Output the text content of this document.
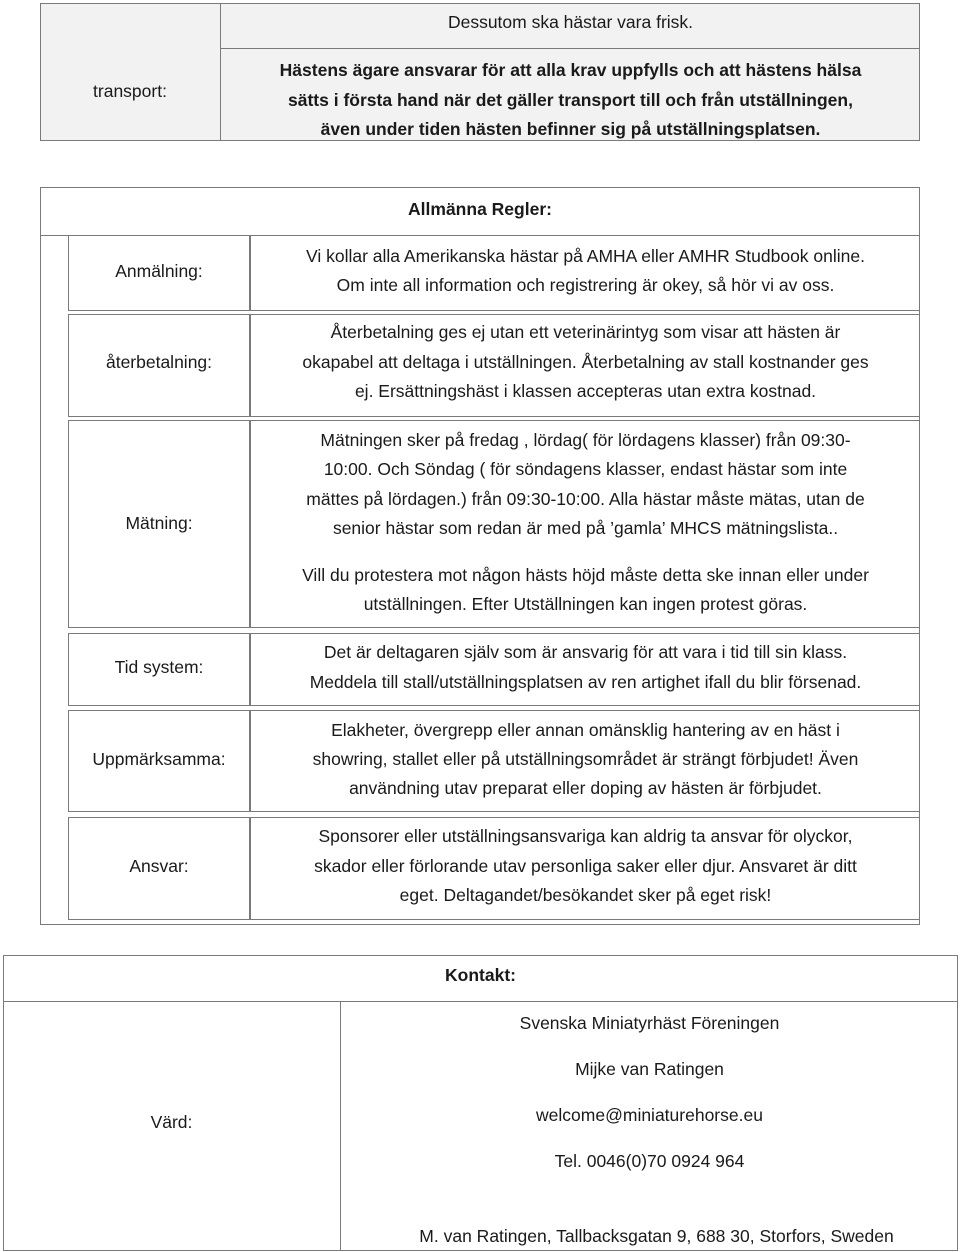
transport:
Dessutom ska hästar vara frisk.
Hästens ägare ansvarar för att alla krav uppfylls och att hästens hälsa
sätts i första hand när det gäller transport till och från utställningen,
även under tiden hästen befinner sig på utställningsplatsen.
Allmänna Regler:
Anmälning:
återbetalning:
Mätning:
Tid system:
Uppmärksamma:
Ansvar:
Vi kollar alla Amerikanska hästar på AMHA eller AMHR Studbook online.
Om inte all information och registrering är okey, så hör vi av oss.
Återbetalning ges ej utan ett veterinärintyg som visar att hästen är
okapabel att deltaga i utställningen. Återbetalning av stall kostnander ges
ej. Ersättningshäst i klassen accepteras utan extra kostnad.
Mätningen sker på fredag , lördag( för lördagens klasser) från 09:30-
10:00. Och Söndag ( för söndagens klasser, endast hästar som inte
mättes på lördagen.) från 09:30-10:00. Alla hästar måste mätas, utan de
senior hästar som redan är med på ’gamla’ MHCS mätningslista..
Vill du protestera mot någon hästs höjd måste detta ske innan eller under
utställningen. Efter Utställningen kan ingen protest göras.
Det är deltagaren själv som är ansvarig för att vara i tid till sin klass.
Meddela till stall/utställningsplatsen av ren artighet ifall du blir försenad.
Elakheter, övergrepp eller annan omänsklig hantering av en häst i
showring, stallet eller på utställningsområdet är strängt förbjudet! Även
användning utav preparat eller doping av hästen är förbjudet.
Sponsorer eller utställningsansvariga kan aldrig ta ansvar för olyckor,
skador eller förlorande utav personliga saker eller djur. Ansvaret är ditt
eget. Deltagandet/besökandet sker på eget risk!
Kontakt:
Värd:
Svenska Miniatyrhäst Föreningen
Mijke van Ratingen
welcome@miniaturehorse.eu
Tel. 0046(0)70 0924 964
M. van Ratingen, Tallbacksgatan 9, 688 30, Storfors, Sweden
